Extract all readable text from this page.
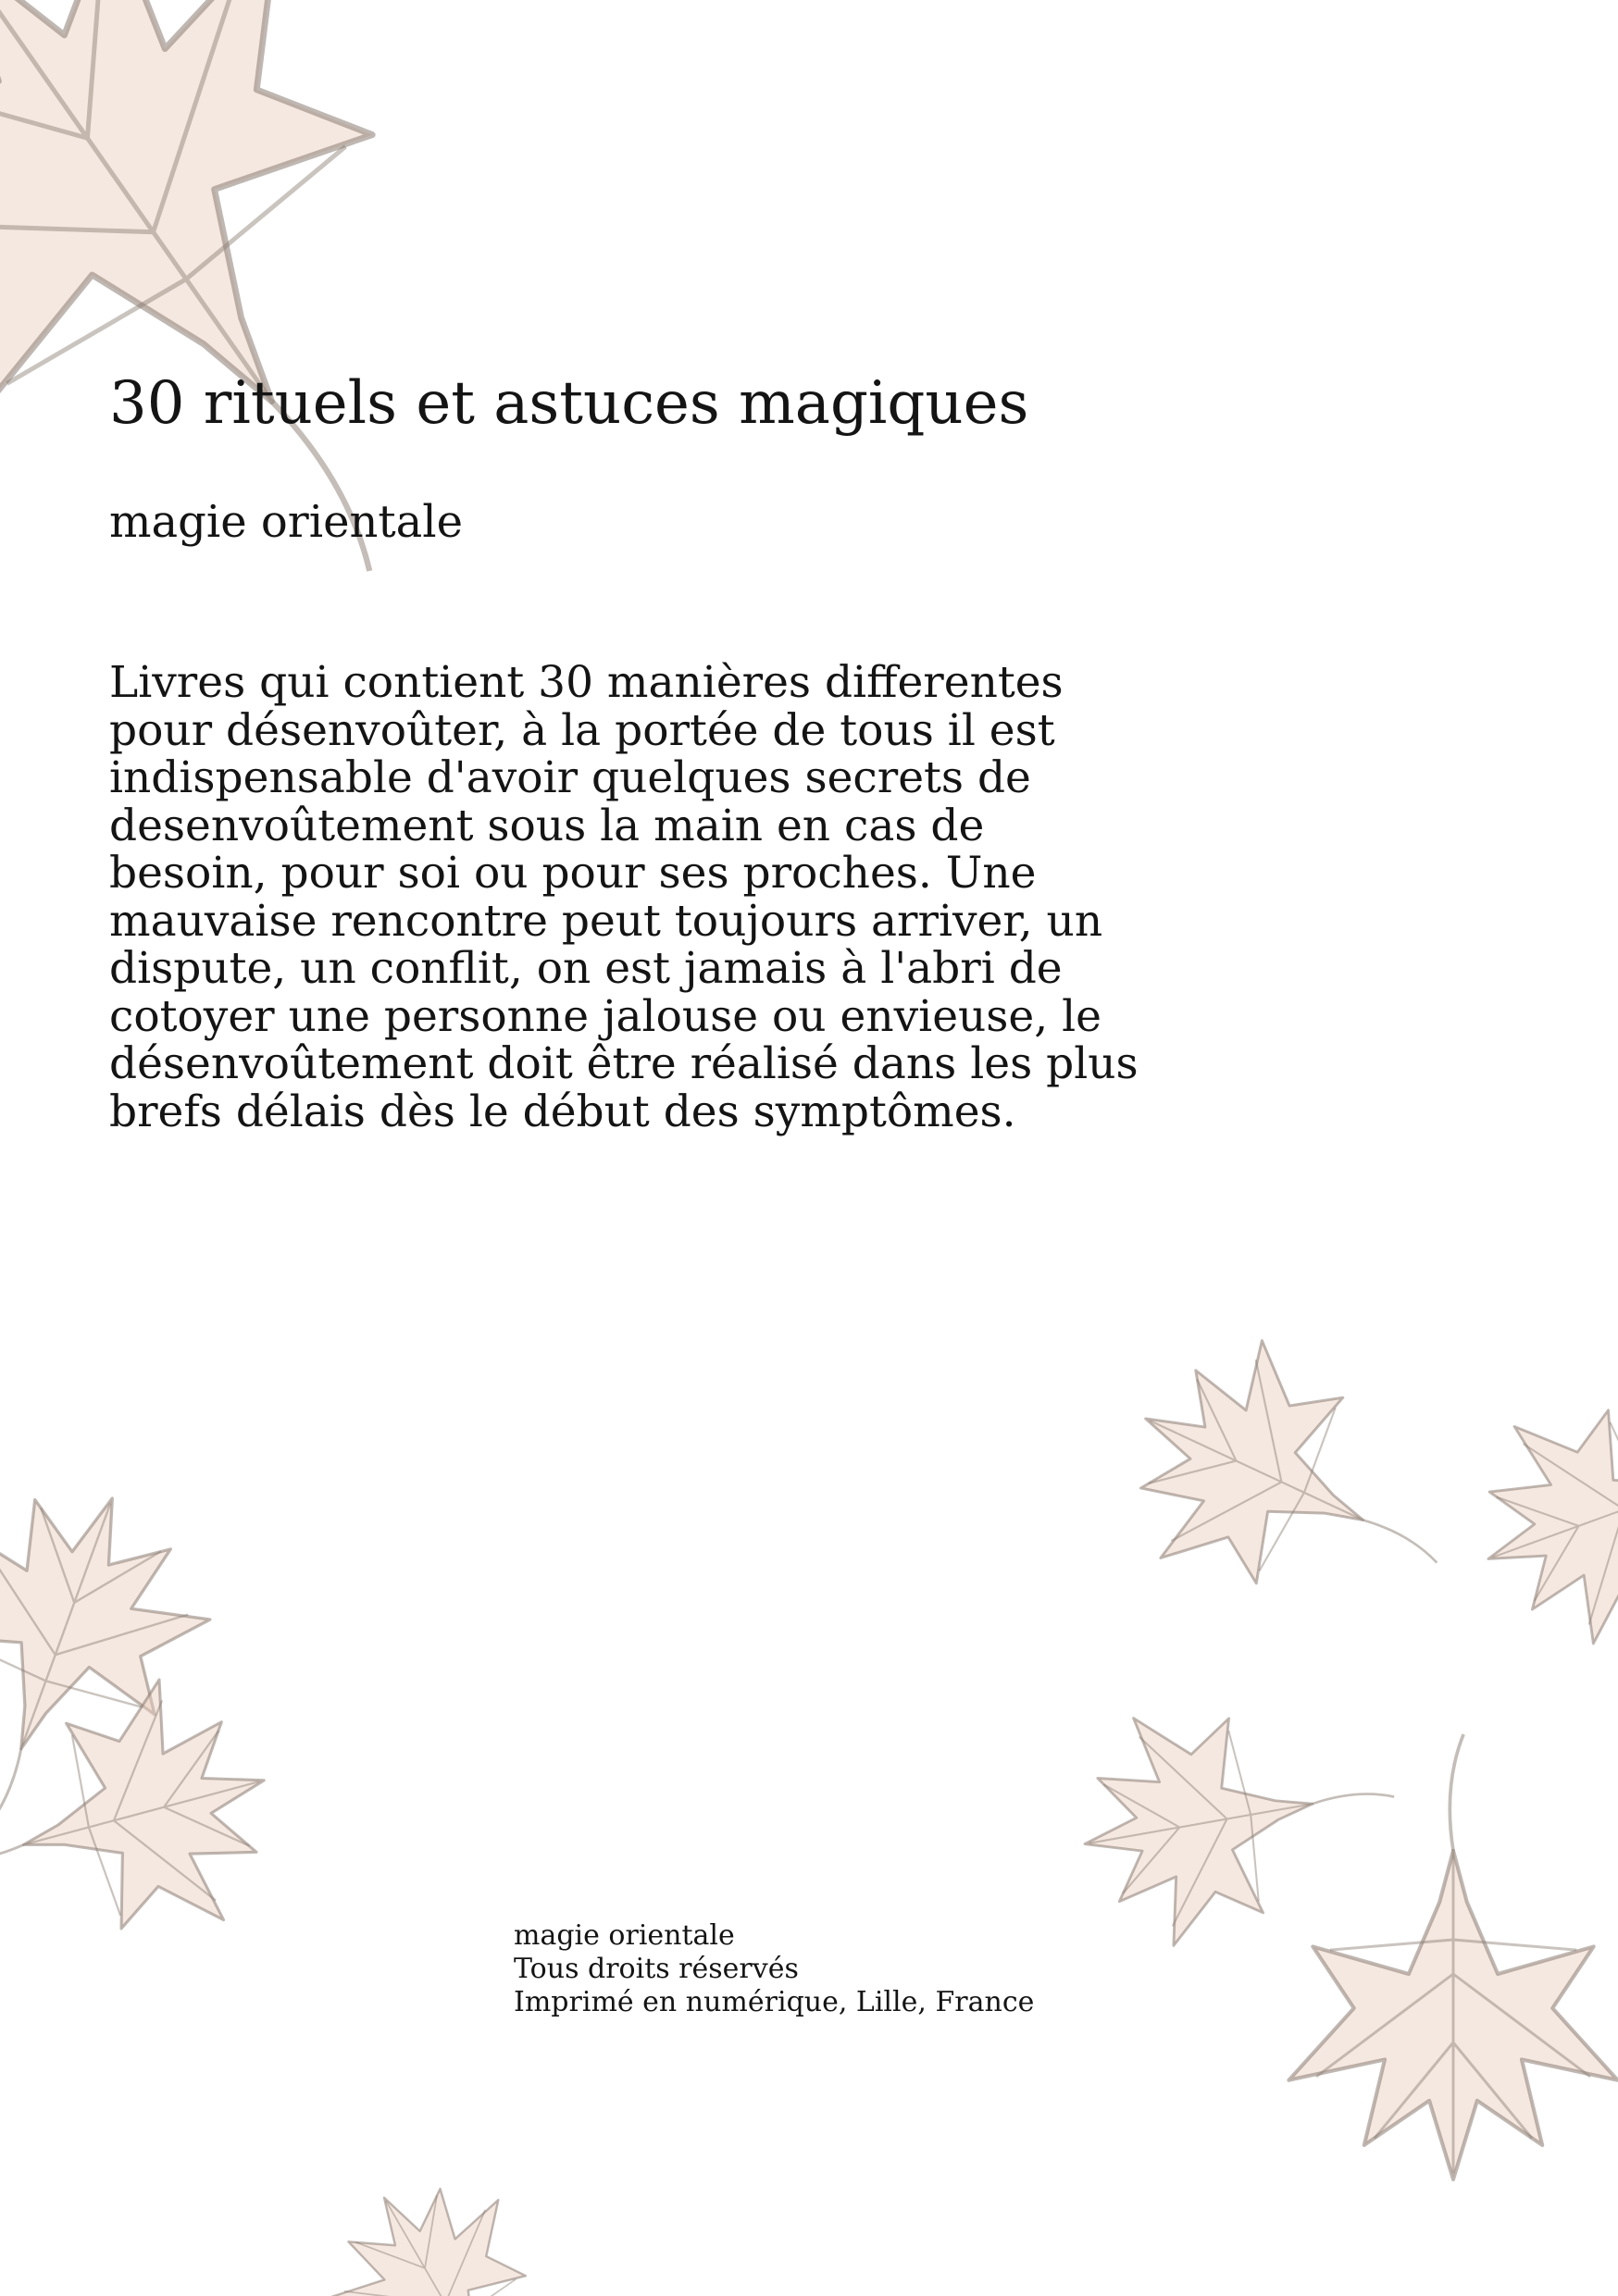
30 rituels et astuces magiques

magie orientale

Livres qui contient 30 manières differentes
pour désenvoûter, à la portée de tous il est
indispensable d'avoir quelques secrets de
desenvoûtement sous la main en cas de
besoin, pour soi ou pour ses proches. Une
mauvaise rencontre peut toujours arriver, un
dispute, un conflit, on est jamais à l'abri de
cotoyer une personne jalouse ou envieuse, le
désenvoûtement doit être réalisé dans les plus
brefs délais dès le début des symptômes.

magie orientale
Tous droits réservés
Imprimé en numérique, Lille, France
